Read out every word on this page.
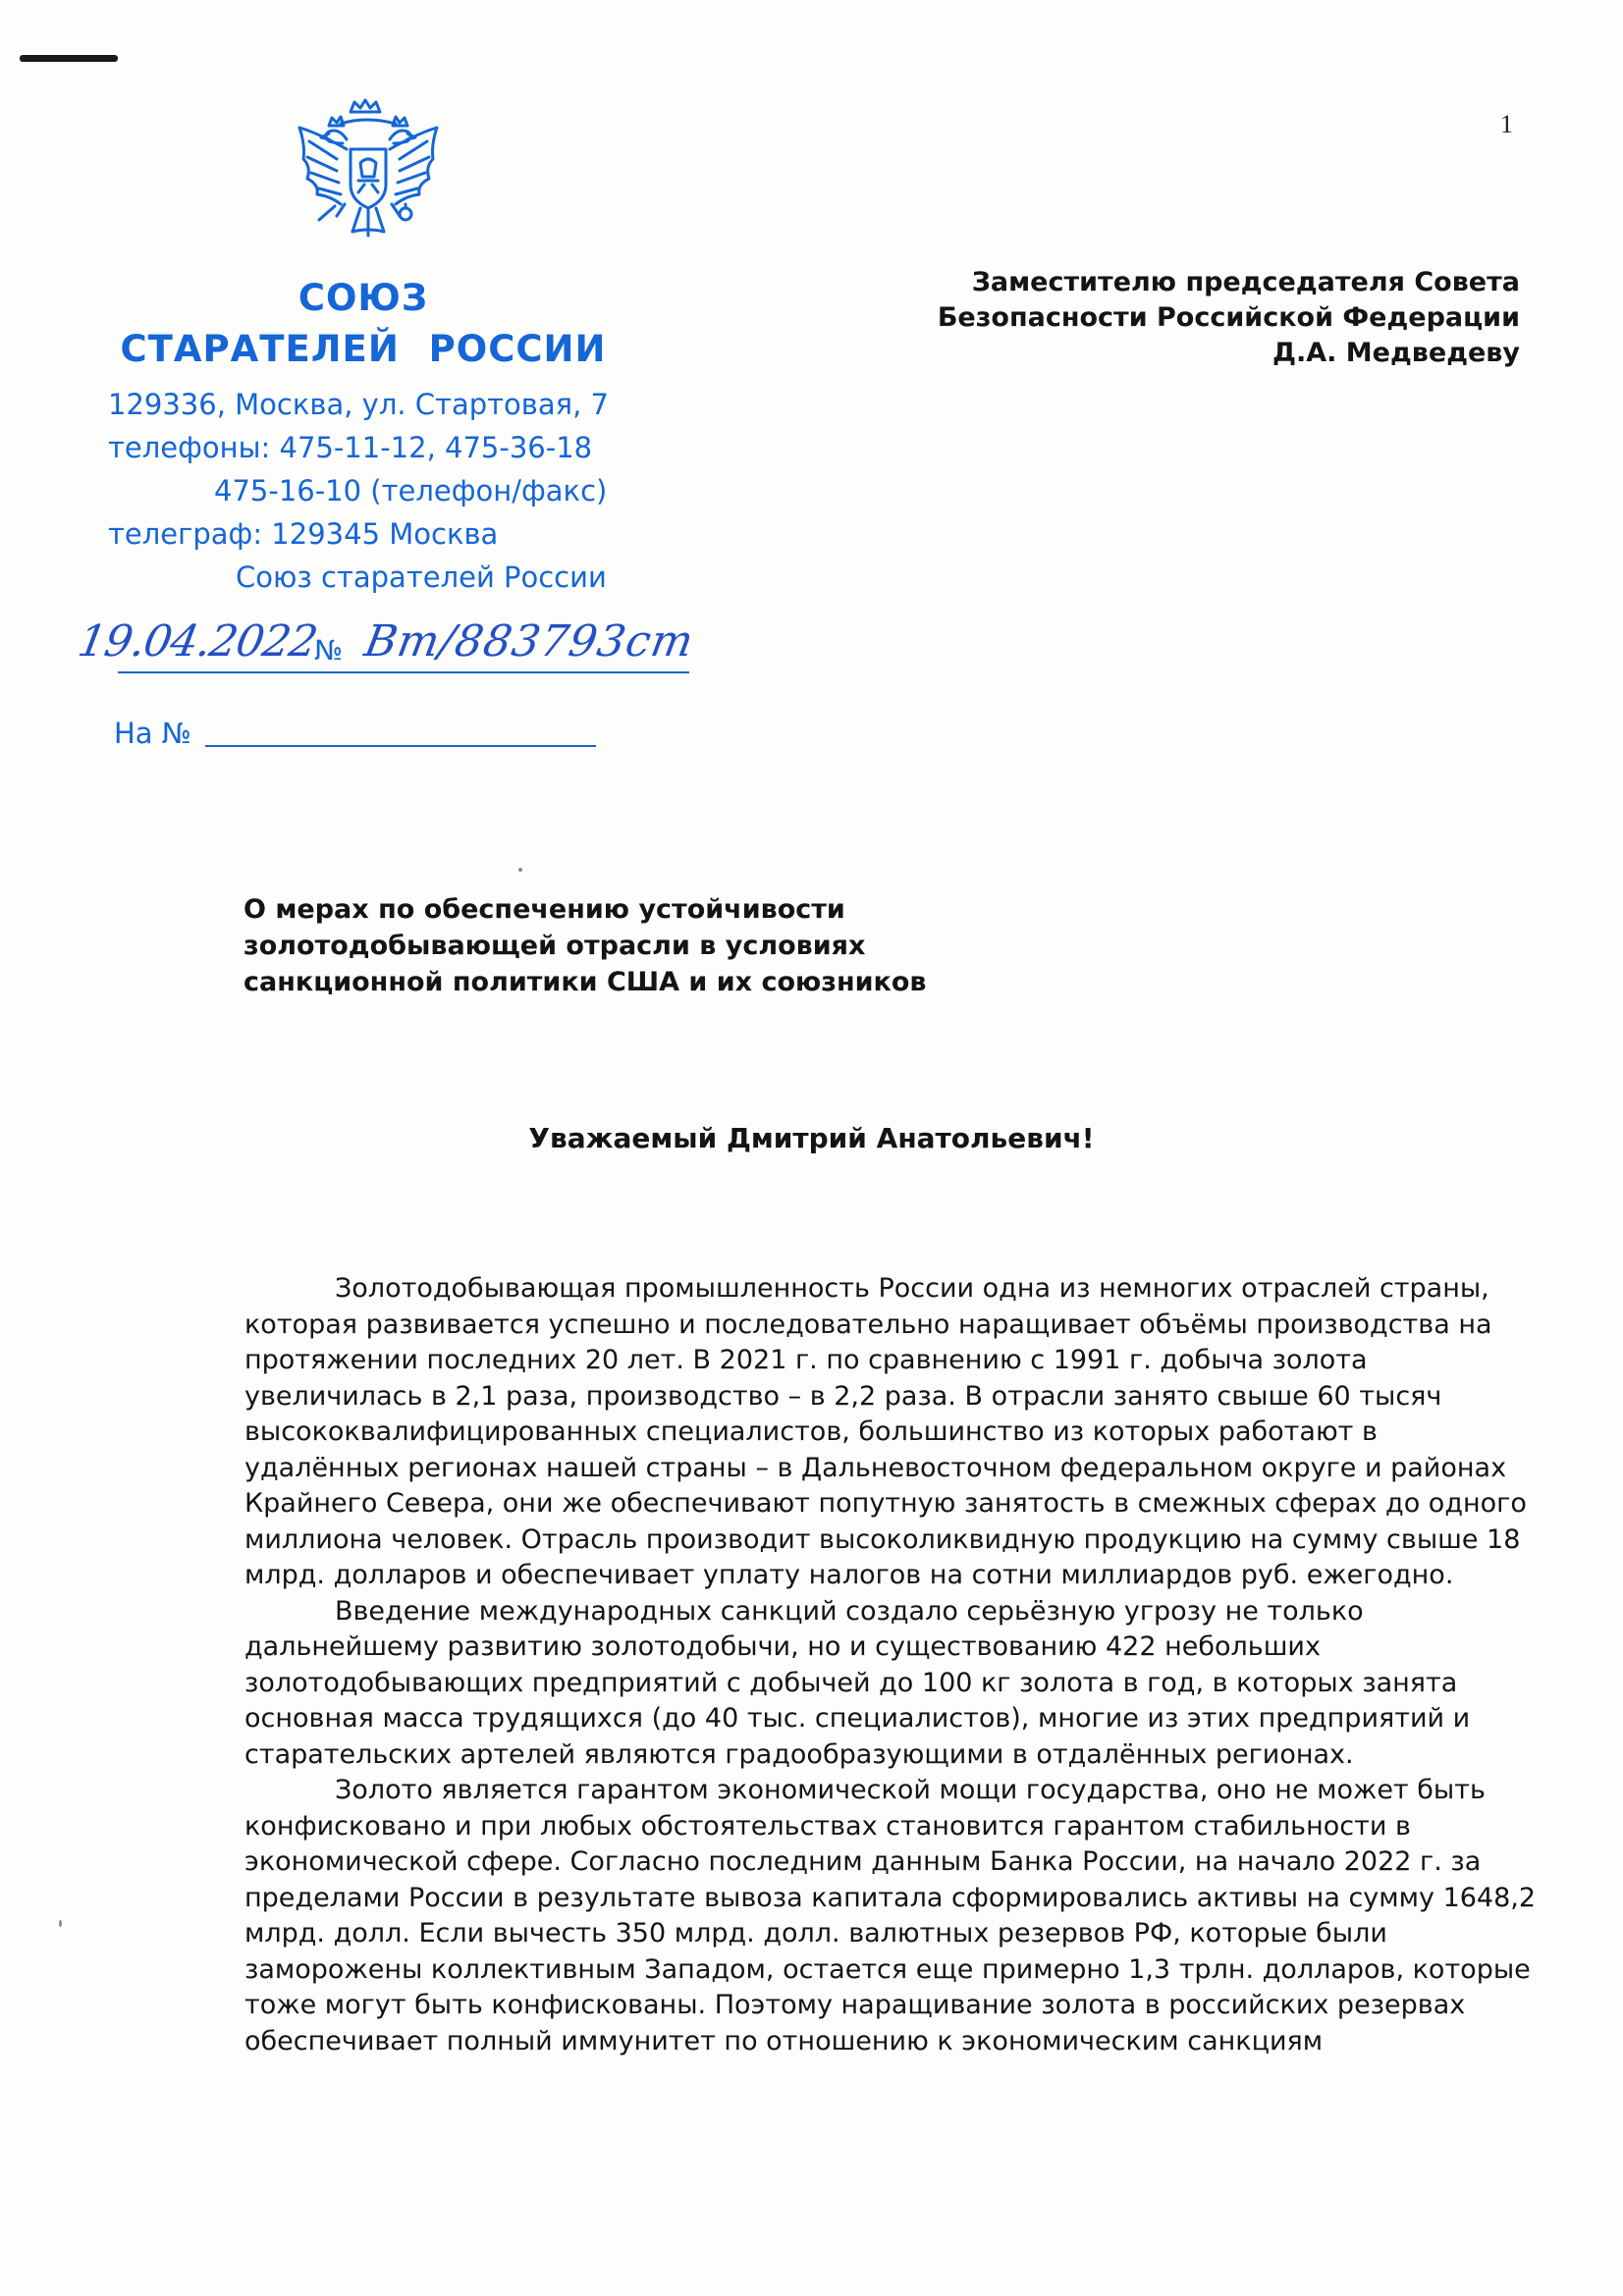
1
СОЮЗ
СТАРАТЕЛЕЙ РОССИИ
129336, Москва, ул. Стартовая, 7
телефоны: 475-11-12, 475-36-18
475-16-10 (телефон/факс)
телеграф: 129345 Москва
Союз старателей России
19.04.2022
№ Вт/883793ст
На №
Заместителю председателя Совета
Безопасности Российской Федерации
Д.А. Медведеву
О мерах по обеспечению устойчивости
золотодобывающей отрасли в условиях
санкционной политики США и их союзников
Уважаемый Дмитрий Анатольевич!

Золотодобывающая промышленность России одна из немногих отраслей страны, которая развивается успешно и последовательно наращивает объёмы производства на протяжении последних 20 лет. В 2021 г. по сравнению с 1991 г. добыча золота увеличилась в 2,1 раза, производство – в 2,2 раза. В отрасли занято свыше 60 тысяч высококвалифицированных специалистов, большинство из которых работают в удалённых регионах нашей страны – в Дальневосточном федеральном округе и районах Крайнего Севера, они же обеспечивают попутную занятость в смежных сферах до одного миллиона человек. Отрасль производит высоколиквидную продукцию на сумму свыше 18 млрд. долларов и обеспечивает уплату налогов на сотни миллиардов руб. ежегодно.

Введение международных санкций создало серьёзную угрозу не только дальнейшему развитию золотодобычи, но и существованию 422 небольших золотодобывающих предприятий с добычей до 100 кг золота в год, в которых занята основная масса трудящихся (до 40 тыс. специалистов), многие из этих предприятий и старательских артелей являются градообразующими в отдалённых регионах.

Золото является гарантом экономической мощи государства, оно не может быть конфисковано и при любых обстоятельствах становится гарантом стабильности в экономической сфере. Согласно последним данным Банка России, на начало 2022 г. за пределами России в результате вывоза капитала сформировались активы на сумму 1648,2 млрд. долл. Если вычесть 350 млрд. долл. валютных резервов РФ, которые были заморожены коллективным Западом, остается еще примерно 1,3 трлн. долларов, которые тоже могут быть конфискованы. Поэтому наращивание золота в российских резервах обеспечивает полный иммунитет по отношению к экономическим санкциям
